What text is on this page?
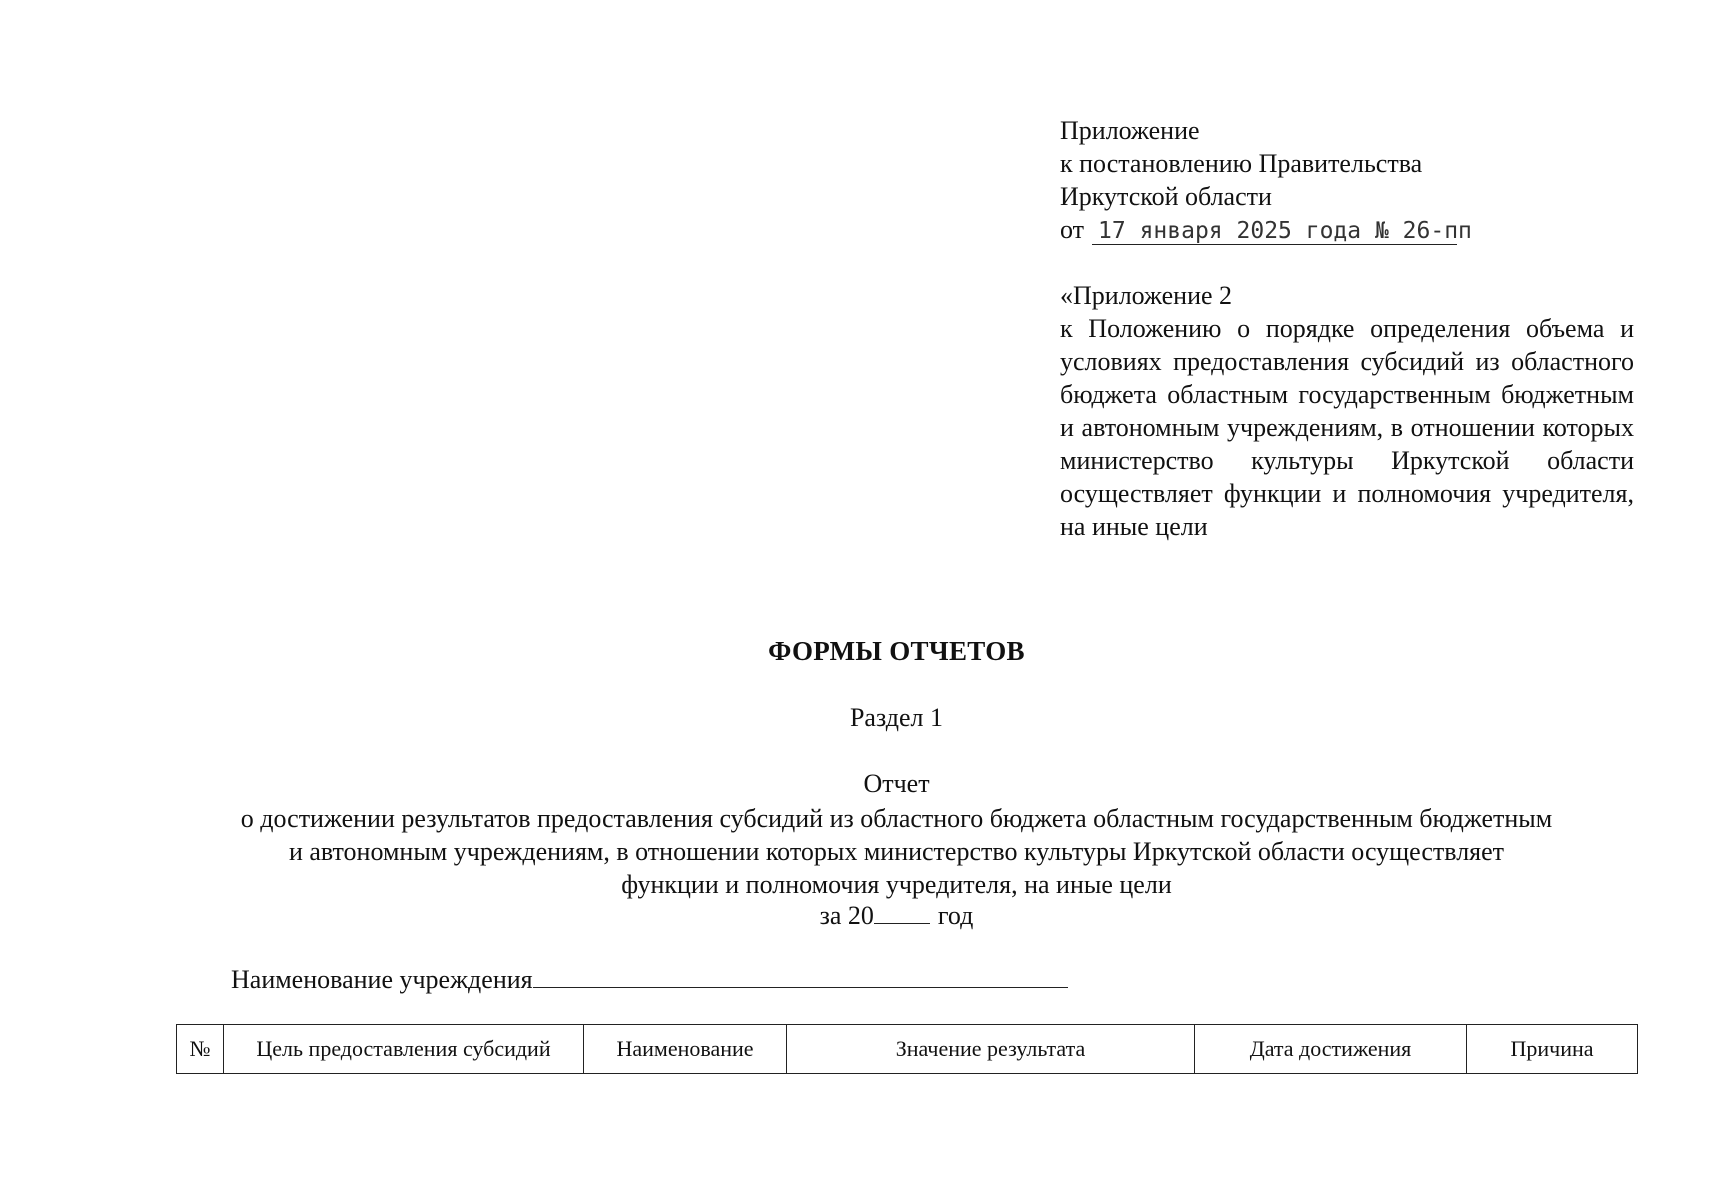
Приложение
к постановлению Правительства
Иркутской области
от 17 января 2025 года № 26-пп
«Приложение 2
к Положению о порядке определения объема и условиях предоставления субсидий из областного бюджета областным государственным бюджетным и автономным учреждениям, в отношении которых министерство культуры Иркутской области осуществляет функции и полномочия учредителя, на иные цели
ФОРМЫ ОТЧЕТОВ
Раздел 1
Отчет
о достижении результатов предоставления субсидий из областного бюджета областным государственным бюджетным
и автономным учреждениям, в отношении которых министерство культуры Иркутской области осуществляет
функции и полномочия учредителя, на иные цели
за 20 год
Наименование учреждения
№	Цель предоставления субсидий	Наименование	Значение результата	Дата достижения	Причина
